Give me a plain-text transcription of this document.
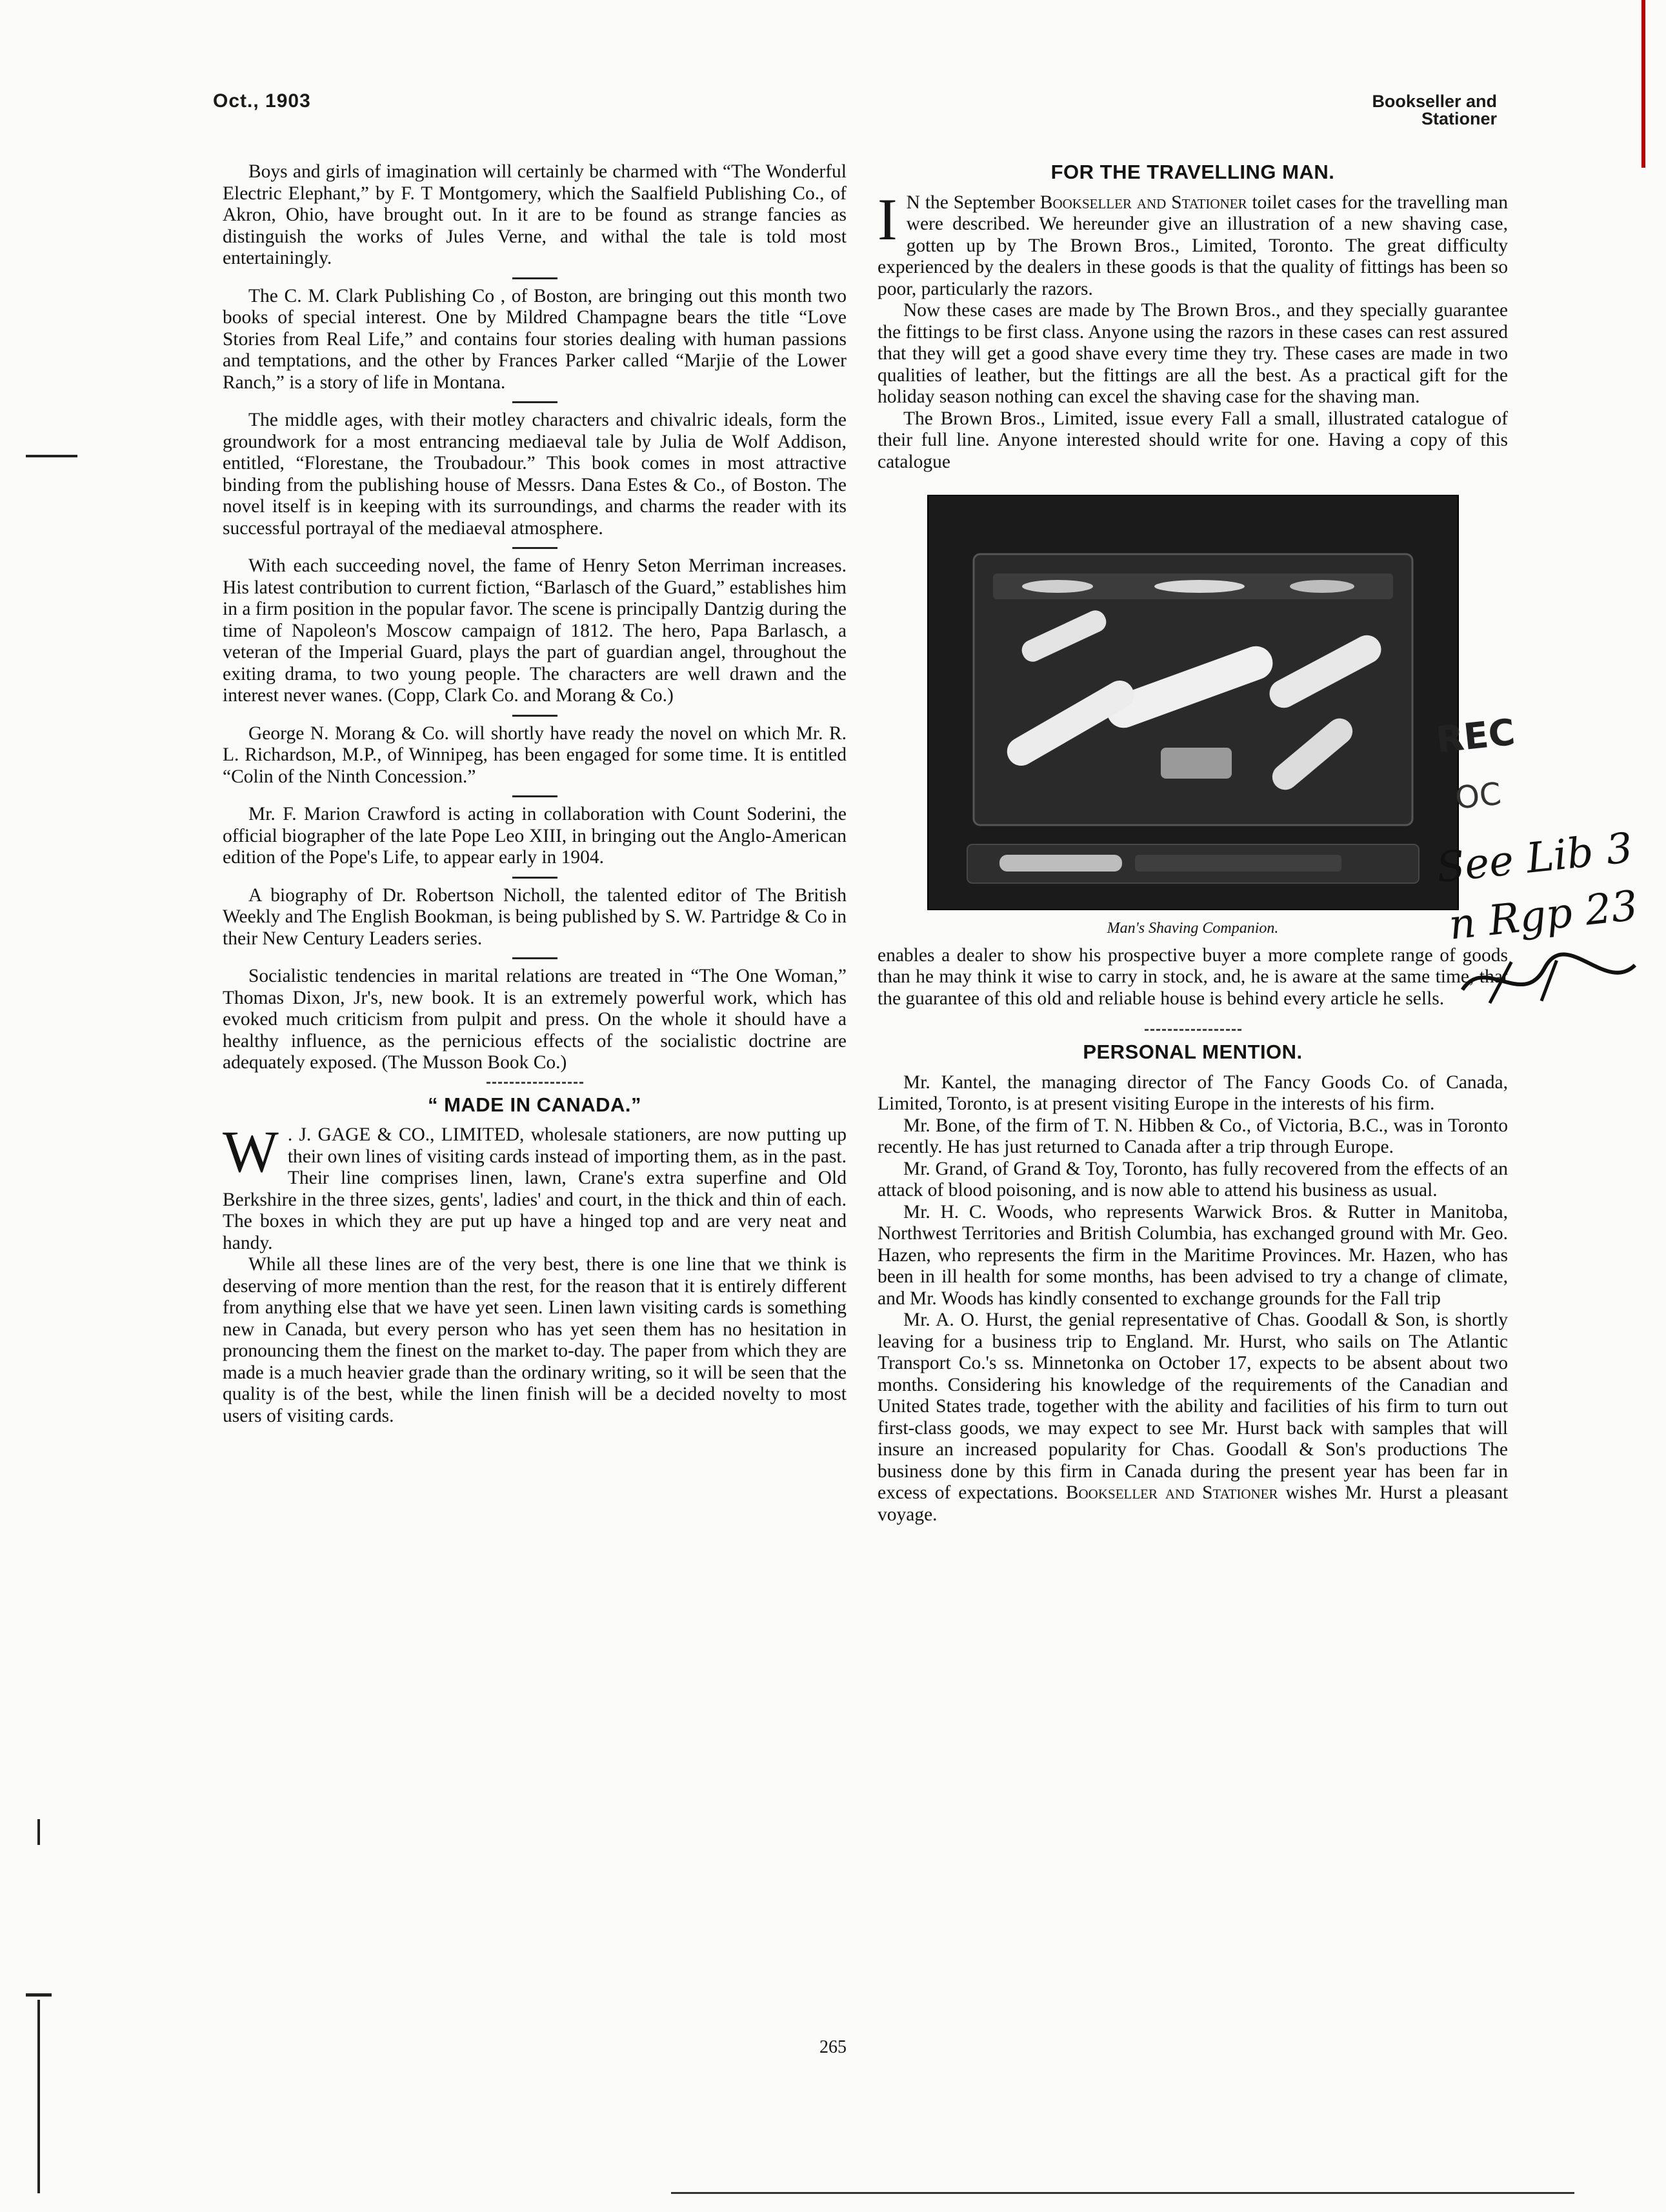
Oct., 1903	Bookseller and
Stationer

Boys and girls of imagination will certainly be charmed with “The Wonderful Electric Elephant,” by F. T Montgomery, which the Saalfield Publishing Co., of Akron, Ohio, have brought out. In it are to be found as strange fancies as distinguish the works of Jules Verne, and withal the tale is told most entertainingly.

The C. M. Clark Publishing Co , of Boston, are bringing out this month two books of special interest. One by Mildred Champagne bears the title “Love Stories from Real Life,” and contains four stories dealing with human passions and temptations, and the other by Frances Parker called “Marjie of the Lower Ranch,” is a story of life in Montana.

The middle ages, with their motley characters and chivalric ideals, form the groundwork for a most entrancing mediaeval tale by Julia de Wolf Addison, entitled, “Florestane, the Troubadour.” This book comes in most attractive binding from the publishing house of Messrs. Dana Estes & Co., of Boston. The novel itself is in keeping with its surroundings, and charms the reader with its successful portrayal of the mediaeval atmosphere.

With each succeeding novel, the fame of Henry Seton Merriman increases. His latest contribution to current fiction, “Barlasch of the Guard,” establishes him in a firm position in the popular favor. The scene is principally Dantzig during the time of Napoleon's Moscow campaign of 1812. The hero, Papa Barlasch, a veteran of the Imperial Guard, plays the part of guardian angel, throughout the exiting drama, to two young people. The characters are well drawn and the interest never wanes. (Copp, Clark Co. and Morang & Co.)

George N. Morang & Co. will shortly have ready the novel on which Mr. R. L. Richardson, M.P., of Winnipeg, has been engaged for some time. It is entitled “Colin of the Ninth Concession.”

Mr. F. Marion Crawford is acting in collaboration with Count Soderini, the official biographer of the late Pope Leo XIII, in bringing out the Anglo-American edition of the Pope's Life, to appear early in 1904.

A biography of Dr. Robertson Nicholl, the talented editor of The British Weekly and The English Bookman, is being published by S. W. Partridge & Co in their New Century Leaders series.

Socialistic tendencies in marital relations are treated in “The One Woman,” Thomas Dixon, Jr's, new book. It is an extremely powerful work, which has evoked much criticism from pulpit and press. On the whole it should have a healthy influence, as the pernicious effects of the socialistic doctrine are adequately exposed. (The Musson Book Co.)

“ MADE IN CANADA.”

W . J. GAGE & CO., LIMITED, wholesale stationers, are now putting up their own lines of visiting cards instead of importing them, as in the past. Their line comprises linen, lawn, Crane's extra superfine and Old Berkshire in the three sizes, gents', ladies' and court, in the thick and thin of each. The boxes in which they are put up have a hinged top and are very neat and handy.

While all these lines are of the very best, there is one line that we think is deserving of more mention than the rest, for the reason that it is entirely different from anything else that we have yet seen. Linen lawn visiting cards is something new in Canada, but every person who has yet seen them has no hesitation in pronouncing them the finest on the market to-day. The paper from which they are made is a much heavier grade than the ordinary writing, so it will be seen that the quality is of the best, while the linen finish will be a decided novelty to most users of visiting cards.

FOR THE TRAVELLING MAN.

I N the September Bookseller and Stationer toilet cases for the travelling man were described. We hereunder give an illustration of a new shaving case, gotten up by The Brown Bros., Limited, Toronto. The great difficulty experienced by the dealers in these goods is that the quality of fittings has been so poor, particularly the razors.

Now these cases are made by The Brown Bros., and they specially guarantee the fittings to be first class. Anyone using the razors in these cases can rest assured that they will get a good shave every time they try. These cases are made in two qualities of leather, but the fittings are all the best. As a practical gift for the holiday season nothing can excel the shaving case for the shaving man.

The Brown Bros., Limited, issue every Fall a small, illustrated catalogue of their full line. Anyone interested should write for one. Having a copy of this catalogue

Man's Shaving Companion.

enables a dealer to show his prospective buyer a more complete range of goods than he may think it wise to carry in stock, and, he is aware at the same time, that the guarantee of this old and reliable house is behind every article he sells.

PERSONAL MENTION.

Mr. Kantel, the managing director of The Fancy Goods Co. of Canada, Limited, Toronto, is at present visiting Europe in the interests of his firm.

Mr. Bone, of the firm of T. N. Hibben & Co., of Victoria, B.C., was in Toronto recently. He has just returned to Canada after a trip through Europe.

Mr. Grand, of Grand & Toy, Toronto, has fully recovered from the effects of an attack of blood poisoning, and is now able to attend his business as usual.

Mr. H. C. Woods, who represents Warwick Bros. & Rutter in Manitoba, Northwest Territories and British Columbia, has exchanged ground with Mr. Geo. Hazen, who represents the firm in the Maritime Provinces. Mr. Hazen, who has been in ill health for some months, has been advised to try a change of climate, and Mr. Woods has kindly consented to exchange grounds for the Fall trip

Mr. A. O. Hurst, the genial representative of Chas. Goodall & Son, is shortly leaving for a business trip to England. Mr. Hurst, who sails on The Atlantic Transport Co.'s ss. Minnetonka on October 17, expects to be absent about two months. Considering his knowledge of the requirements of the Canadian and United States trade, together with the ability and facilities of his firm to turn out first-class goods, we may expect to see Mr. Hurst back with samples that will insure an increased popularity for Chas. Goodall & Son's productions The business done by this firm in Canada during the present year has been far in excess of expectations. Bookseller and Stationer wishes Mr. Hurst a pleasant voyage.

REC
OC
See Lib 3
n Rgp 23
265
